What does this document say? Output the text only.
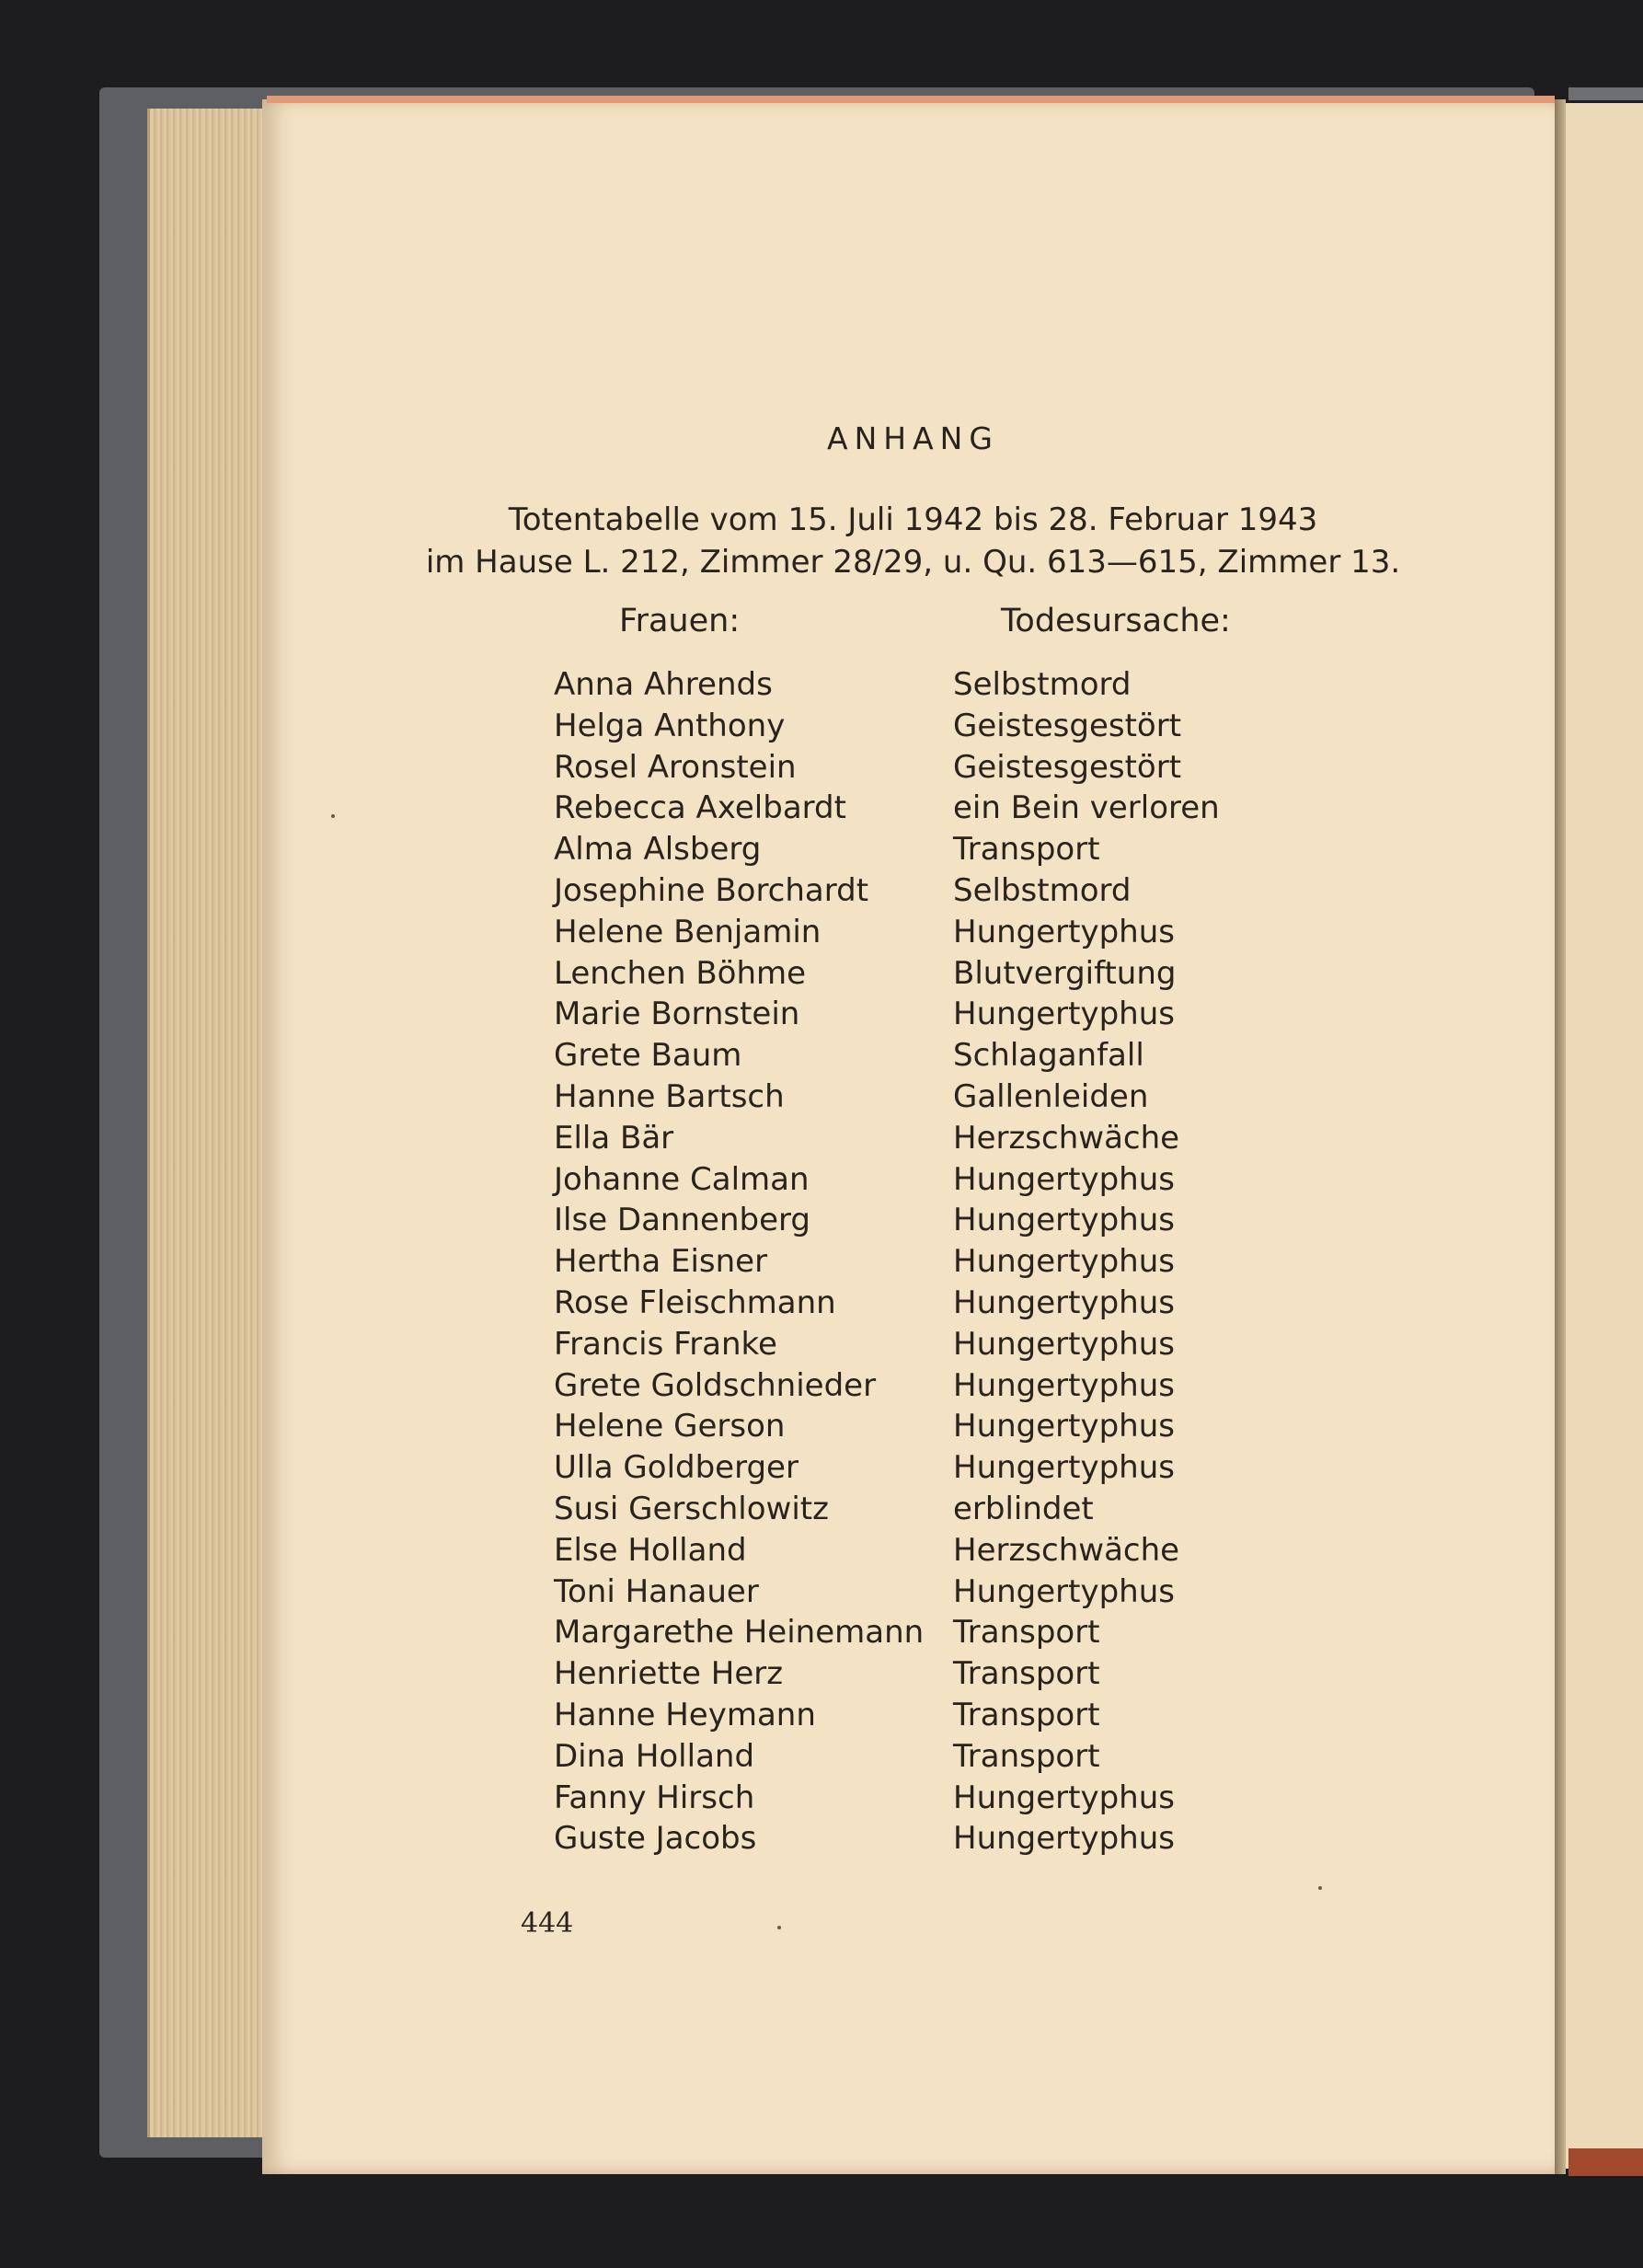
ANHANG
Totentabelle vom 15. Juli 1942 bis 28. Februar 1943
im Hause L. 212, Zimmer 28/29, u. Qu. 613—615, Zimmer 13.
Frauen:	Todesursache:
Anna Ahrends
Helga Anthony
Rosel Aronstein
Rebecca Axelbardt
Alma Alsberg
Josephine Borchardt
Helene Benjamin
Lenchen Böhme
Marie Bornstein
Grete Baum
Hanne Bartsch
Ella Bär
Johanne Calman
Ilse Dannenberg
Hertha Eisner
Rose Fleischmann
Francis Franke
Grete Goldschnieder
Helene Gerson
Ulla Goldberger
Susi Gerschlowitz
Else Holland
Toni Hanauer
Margarethe Heinemann
Henriette Herz
Hanne Heymann
Dina Holland
Fanny Hirsch
Guste Jacobs
Selbstmord
Geistesgestört
Geistesgestört
ein Bein verloren
Transport
Selbstmord
Hungertyphus
Blutvergiftung
Hungertyphus
Schlaganfall
Gallenleiden
Herzschwäche
Hungertyphus
Hungertyphus
Hungertyphus
Hungertyphus
Hungertyphus
Hungertyphus
Hungertyphus
Hungertyphus
erblindet
Herzschwäche
Hungertyphus
Transport
Transport
Transport
Transport
Hungertyphus
Hungertyphus
444
